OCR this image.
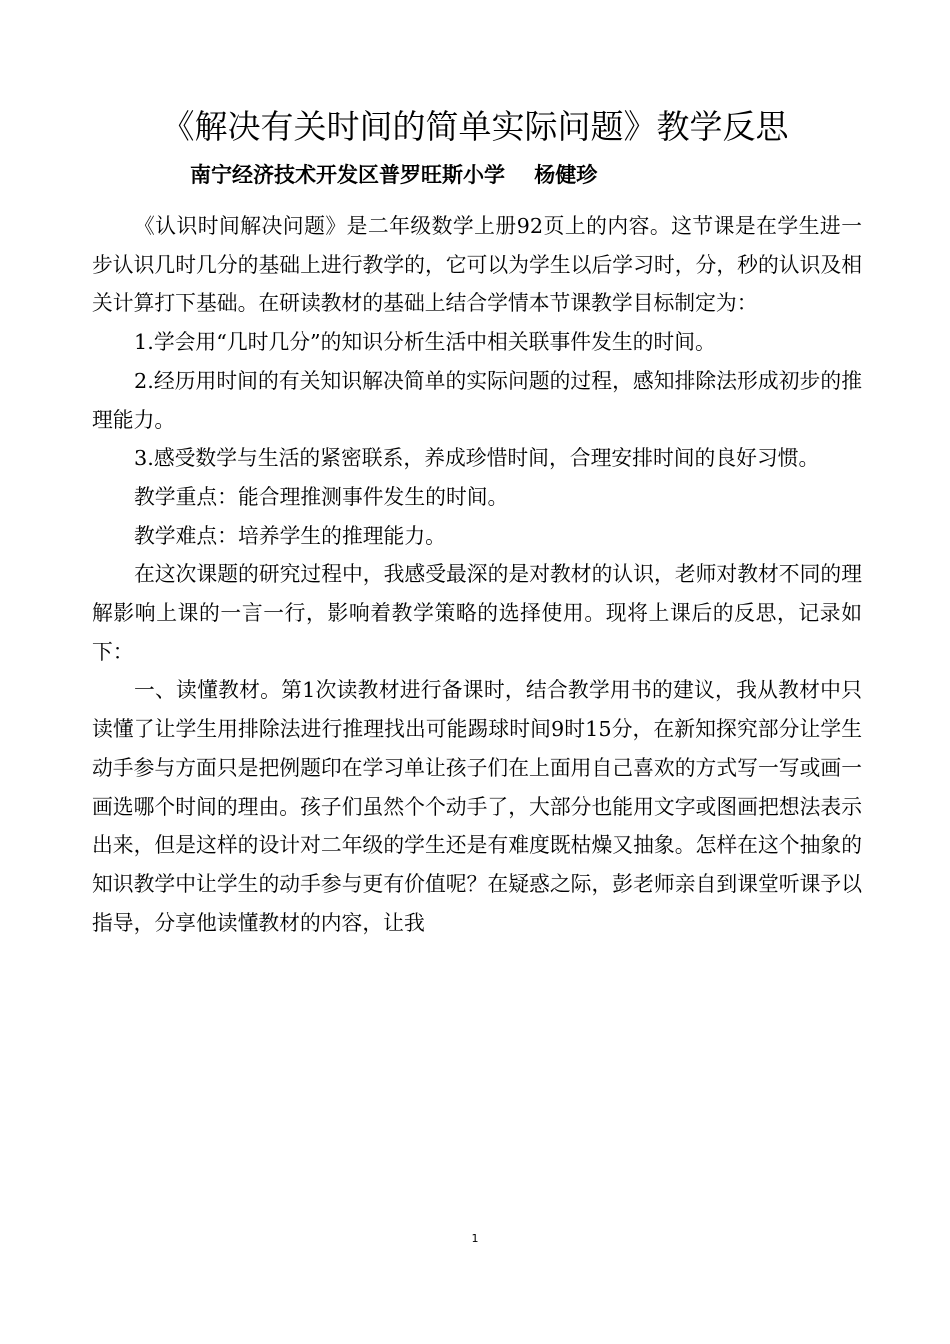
《解决有关时间的简单实际问题》教学反思
南宁经济技术开发区普罗旺斯小学    杨健珍

《认识时间解决问题》是二年级数学上册92页上的内容。这节课是在学生进一步认识几时几分的基础上进行教学的，它可以为学生以后学习时，分，秒的认识及相关计算打下基础。在研读教材的基础上结合学情本节课教学目标制定为：

1.学会用“几时几分”的知识分析生活中相关联事件发生的时间。

2.经历用时间的有关知识解决简单的实际问题的过程，感知排除法形成初步的推理能力。

3.感受数学与生活的紧密联系，养成珍惜时间，合理安排时间的良好习惯。

教学重点：能合理推测事件发生的时间。

教学难点：培养学生的推理能力。

在这次课题的研究过程中，我感受最深的是对教材的认识，老师对教材不同的理解影响上课的一言一行，影响着教学策略的选择使用。现将上课后的反思，记录如下：

一、读懂教材。第1次读教材进行备课时，结合教学用书的建议，我从教材中只读懂了让学生用排除法进行推理找出可能踢球时间9时15分，在新知探究部分让学生动手参与方面只是把例题印在学习单让孩子们在上面用自己喜欢的方式写一写或画一画选哪个时间的理由。孩子们虽然个个动手了，大部分也能用文字或图画把想法表示出来，但是这样的设计对二年级的学生还是有难度既枯燥又抽象。怎样在这个抽象的知识教学中让学生的动手参与更有价值呢？在疑惑之际，彭老师亲自到课堂听课予以指导，分享他读懂教材的内容，让我

1
